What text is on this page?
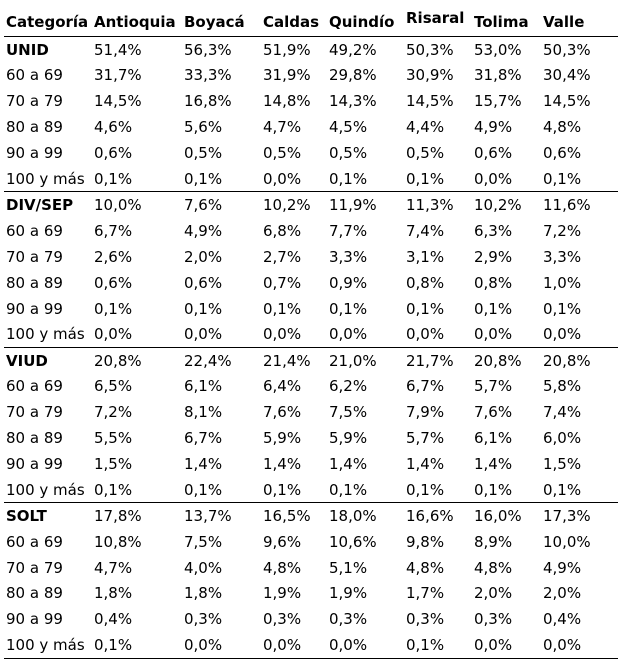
Categoría	Antioquia	Boyacá	Caldas	Quindío	Risaral	Tolima	Valle
UNID	51,4%	56,3%	51,9%	49,2%	50,3%	53,0%	50,3%
60 a 69	31,7%	33,3%	31,9%	29,8%	30,9%	31,8%	30,4%
70 a 79	14,5%	16,8%	14,8%	14,3%	14,5%	15,7%	14,5%
80 a 89	4,6%	5,6%	4,7%	4,5%	4,4%	4,9%	4,8%
90 a 99	0,6%	0,5%	0,5%	0,5%	0,5%	0,6%	0,6%
100 y más	0,1%	0,1%	0,0%	0,1%	0,1%	0,0%	0,1%
DIV/SEP	10,0%	7,6%	10,2%	11,9%	11,3%	10,2%	11,6%
60 a 69	6,7%	4,9%	6,8%	7,7%	7,4%	6,3%	7,2%
70 a 79	2,6%	2,0%	2,7%	3,3%	3,1%	2,9%	3,3%
80 a 89	0,6%	0,6%	0,7%	0,9%	0,8%	0,8%	1,0%
90 a 99	0,1%	0,1%	0,1%	0,1%	0,1%	0,1%	0,1%
100 y más	0,0%	0,0%	0,0%	0,0%	0,0%	0,0%	0,0%
VIUD	20,8%	22,4%	21,4%	21,0%	21,7%	20,8%	20,8%
60 a 69	6,5%	6,1%	6,4%	6,2%	6,7%	5,7%	5,8%
70 a 79	7,2%	8,1%	7,6%	7,5%	7,9%	7,6%	7,4%
80 a 89	5,5%	6,7%	5,9%	5,9%	5,7%	6,1%	6,0%
90 a 99	1,5%	1,4%	1,4%	1,4%	1,4%	1,4%	1,5%
100 y más	0,1%	0,1%	0,1%	0,1%	0,1%	0,1%	0,1%
SOLT	17,8%	13,7%	16,5%	18,0%	16,6%	16,0%	17,3%
60 a 69	10,8%	7,5%	9,6%	10,6%	9,8%	8,9%	10,0%
70 a 79	4,7%	4,0%	4,8%	5,1%	4,8%	4,8%	4,9%
80 a 89	1,8%	1,8%	1,9%	1,9%	1,7%	2,0%	2,0%
90 a 99	0,4%	0,3%	0,3%	0,3%	0,3%	0,3%	0,4%
100 y más	0,1%	0,0%	0,0%	0,0%	0,1%	0,0%	0,0%
